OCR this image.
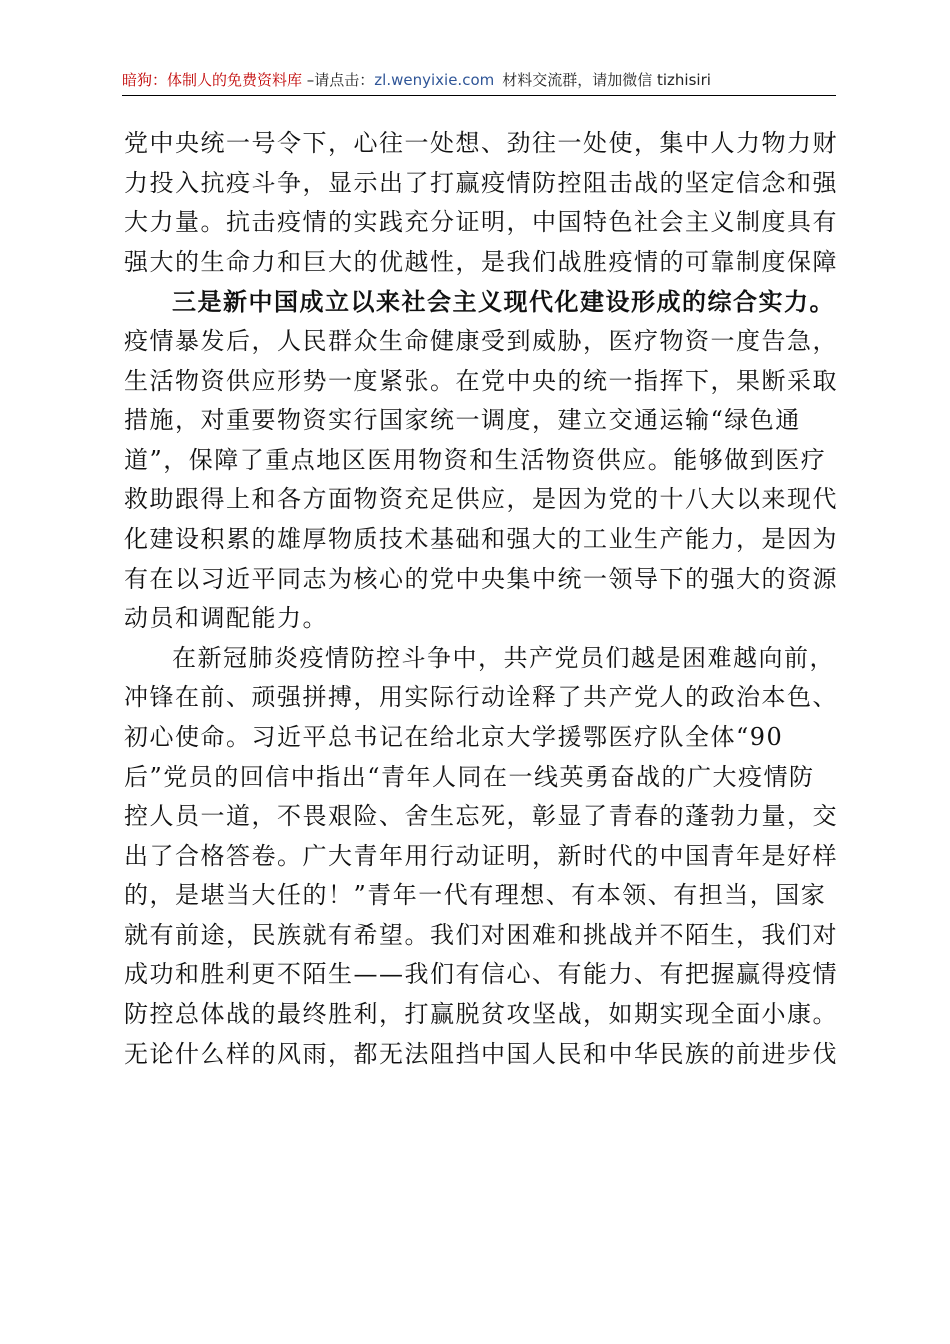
暗狗：体制人的免费资料库 –请点击：zl.wenyixie.com 材料交流群，请加微信 tizhisiri

党中央统一号令下，心往一处想、劲往一处使，集中人力物力财
力投入抗疫斗争，显示出了打赢疫情防控阻击战的坚定信念和强
大力量。抗击疫情的实践充分证明，中国特色社会主义制度具有
强大的生命力和巨大的优越性，是我们战胜疫情的可靠制度保障

三是新中国成立以来社会主义现代化建设形成的综合实力。
疫情暴发后，人民群众生命健康受到威胁，医疗物资一度告急，
生活物资供应形势一度紧张。在党中央的统一指挥下，果断采取
措施，对重要物资实行国家统一调度，建立交通运输“绿色通
道”，保障了重点地区医用物资和生活物资供应。能够做到医疗
救助跟得上和各方面物资充足供应，是因为党的十八大以来现代
化建设积累的雄厚物质技术基础和强大的工业生产能力，是因为
有在以习近平同志为核心的党中央集中统一领导下的强大的资源
动员和调配能力。

在新冠肺炎疫情防控斗争中，共产党员们越是困难越向前，
冲锋在前、顽强拼搏，用实际行动诠释了共产党人的政治本色、
初心使命。习近平总书记在给北京大学援鄂医疗队全体“90
后”党员的回信中指出“青年人同在一线英勇奋战的广大疫情防
控人员一道，不畏艰险、舍生忘死，彰显了青春的蓬勃力量，交
出了合格答卷。广大青年用行动证明，新时代的中国青年是好样
的，是堪当大任的！”青年一代有理想、有本领、有担当，国家
就有前途，民族就有希望。我们对困难和挑战并不陌生，我们对
成功和胜利更不陌生——我们有信心、有能力、有把握赢得疫情
防控总体战的最终胜利，打赢脱贫攻坚战，如期实现全面小康。
无论什么样的风雨，都无法阻挡中国人民和中华民族的前进步伐
